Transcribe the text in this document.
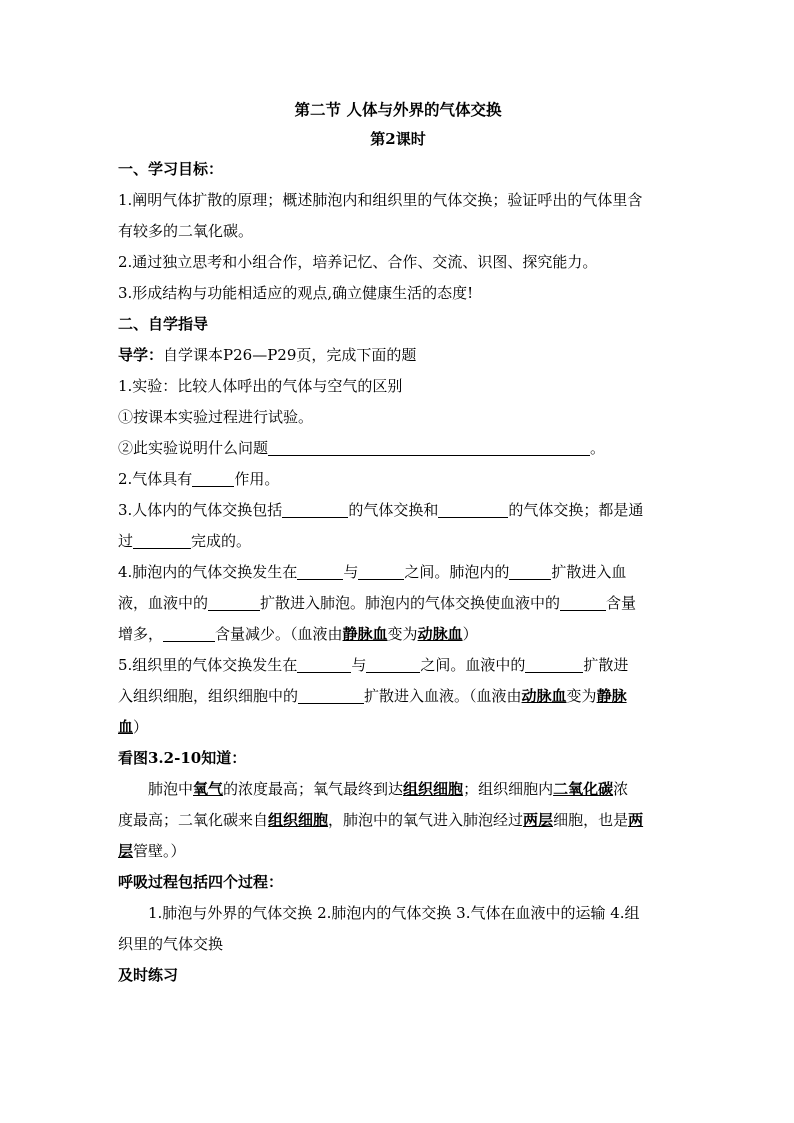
第二节 人体与外界的气体交换
第2课时
一、学习目标：
1.阐明气体扩散的原理；概述肺泡内和组织里的气体交换；验证呼出的气体里含
有较多的二氧化碳。
2.通过独立思考和小组合作，培养记忆、合作、交流、识图、探究能力。
3.形成结构与功能相适应的观点,确立健康生活的态度!
二、自学指导
导学：自学课本P26—P29页，完成下面的题
1.实验：比较人体呼出的气体与空气的区别
①按课本实验过程进行试验。
②此实验说明什么问题	。
2.气体具有	作用。
3.人体内的气体交换包括	的气体交换和	的气体交换；都是通
过	完成的。
4.肺泡内的气体交换发生在	与	之间。肺泡内的	扩散进入血
液，血液中的	扩散进入肺泡。肺泡内的气体交换使血液中的	含量
增多，	含量减少。（血液由静脉血变为动脉血）
5.组织里的气体交换发生在	与	之间。血液中的	扩散进
入组织细胞，组织细胞中的	扩散进入血液。（血液由动脉血变为静脉
血）
看图3.2-10知道：
肺泡中氧气的浓度最高；氧气最终到达组织细胞；组织细胞内二氧化碳浓
度最高；二氧化碳来自组织细胞，肺泡中的氧气进入肺泡经过两层细胞，也是两
层管壁。）
呼吸过程包括四个过程：
1.肺泡与外界的气体交换 2.肺泡内的气体交换 3.气体在血液中的运输 4.组
织里的气体交换
及时练习
